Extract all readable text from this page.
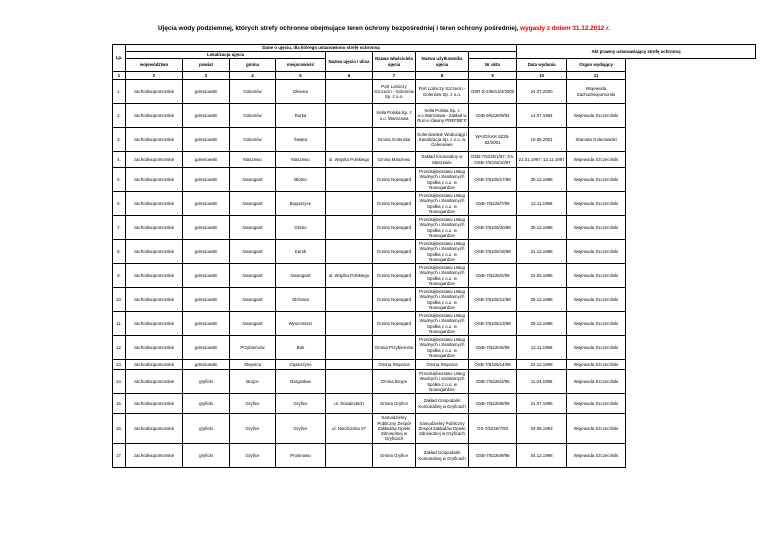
Ujęcia wody podziemnej, których strefy ochronne obejmujące teren ochrony bezpośredniej i teren ochrony pośredniej, wygasły z dniem 31.12.2012 r.
Lp.	Dane o ujęciu, dla którego ustanowiono strefę ochronną								Akt prawny ustanawiający strefę ochronną	
	Lokalizacja ujęcia				Nazwa ujęcia / ulica	Nazwa właściciela ujęcia	Nazwa użytkownika ujęcia			
	województwo	powiat	gmina	miejscowość				Nr aktu	Data wydania	Organ wydający
1	2	3	4	5	6	7	8	9	10	11
1.	zachodniopomorskie	goleniowski	Goleniów	Glewice		Port Lotniczy Szczecin - Goleniów Sp. z o.o.	Port Lotniczy Szczecin - Goleniów Sp. z o.o.	OSR-Ś-2/6813/4/2000	24.07.2000	Wojewoda Zachodniopomorski
2.	zachodniopomorskie	goleniowski	Goleniów	Rurka		Xella Polska Sp. z o.o. Warszawa	Xella Polska Sp. z o.o.Warszawa - Zakład w Rurce /dawny PREFBET/	OSB-9/6226/9/94	14.07.1994	Wojewoda Szczeciński
3.	zachodniopomorskie	goleniowski	Goleniów	Święta		Gmina Goleniów	Goleniowskie Wodociągi i Kanalizacja Sp. z o.o. w Goleniowie	WAIOŚ.KK.6225-82/2001	10.05.2001	Starosta Goleniowski
4.	zachodniopomorskie	goleniowski	Maszewo	Maszewo	ul. Wojska Polskiego	Gmina Maszewo	Zakład Komunalny w Maszewie	OSB-7/6226/1/97; zm. OSB-7/6226/10/97	21.01.1997; 13.11.1997	Wojewoda Szczeciński
5.	zachodniopomorskie	goleniowski	Nowogard	Błotno		Gmina Nowogard	Przedsiębiorstwo Usług Wodnych i Sanitarnych Spółka z o.o. w Nowogardzie	OSB-7/6226/17/98	30.12.1998	Wojewoda Szczeciński
6.	zachodniopomorskie	goleniowski	Nowogard	Boguszyce		Gmina Nowogard	Przedsiębiorstwo Usług Wodnych i Sanitarnych Spółka z o.o. w Nowogardzie	OSB-7/6226/7/98	12.11.1998	Wojewoda Szczeciński
7.	zachodniopomorskie	goleniowski	Nowogard	Glicko		Gmina Nowogard	Przedsiębiorstwo Usług Wodnych i Sanitarnych Spółka z o.o. w Nowogardzie	OSB-7/6226/20/98	30.12.1998	Wojewoda Szczeciński
8.	zachodniopomorskie	goleniowski	Nowogard	Karsk		Gmina Nowogard	Przedsiębiorstwo Usług Wodnych i Sanitarnych Spółka z o.o. w Nowogardzie	OSB-7/6226/18/98	31.12.1998	Wojewoda Szczeciński
9.	zachodniopomorskie	goleniowski	Nowogard	Nowogard	ul. Wojska Polskiego	Gmina Nowogard	Przedsiębiorstwo Usług Wodnych i Sanitarnych Spółka z o.o. w Nowogardzie	OSB-7/6226/2/96	22.02.1996	Wojewoda Szczeciński
10.	zachodniopomorskie	goleniowski	Nowogard	Olchowo		Gmina Nowogard	Przedsiębiorstwo Usług Wodnych i Sanitarnych Spółka z o.o. w Nowogardzie	OSB-7/6226/12/98	28.12.1998	Wojewoda Szczeciński
11.	zachodniopomorskie	goleniowski	Nowogard	Wyszomierz		Gmina Nowogard	Przedsiębiorstwo Usług Wodnych i Sanitarnych Spółka z o.o. w Nowogardzie	OSB-7/6226/13/98	29.12.1998	Wojewoda Szczeciński
12.	zachodniopomorskie	goleniowski	Przybiernów	Buk		Gmina Przybiernów	Przedsiębiorstwo Usług Wodnych i Sanitarnych Spółka z o.o. w Nowogardzie	OSB-7/6226/6/98	12.11.1998	Wojewoda Szczeciński
13.	zachodniopomorskie	goleniowski	Stepnica	Gąsierzyno		Gmina Stepnica	Gmina Stepnica	OSB-7/6226/14/98	22.12.1998	Wojewoda Szczeciński
14.	zachodniopomorskie	gryficki	Brojce	Dargosław		Gmina Brojce	Przedsiębiorstwo Usług Wodnych i Sanitarnych Spółka z o.o. w Nowogardzie	OSB-7/6226/4/95	11.04.1995	Wojewoda Szczeciński
15.	zachodniopomorskie	gryficki	Gryfice	Gryfice	ul. Śniadeckich	Gmina Gryfice	Zakład Gospodarki Komunalnej w Gryficach	OSB-7/6226/8/95	21.07.1995	Wojewoda Szczeciński
16.	zachodniopomorskie	gryficki	Gryfice	Gryfice	ul. Niechorska 27	Samodzielny Publiczny Zespół Zakładów Opieki Zdrowotnej w Gryficach	Samodzielny Publiczny Zespół Zakładów Opieki Zdrowotnej w Gryficach	OS-7/6226/7/93	03.08.1993	Wojewoda Szczeciński
17.	zachodniopomorskie	gryficki	Gryfice	Prusinowo		Gmina Gryfice	Zakład Gospodarki Komunalnej w Gryficach	OSB-7/6226/9/98	04.12.1998	Wojewoda Szczeciński
